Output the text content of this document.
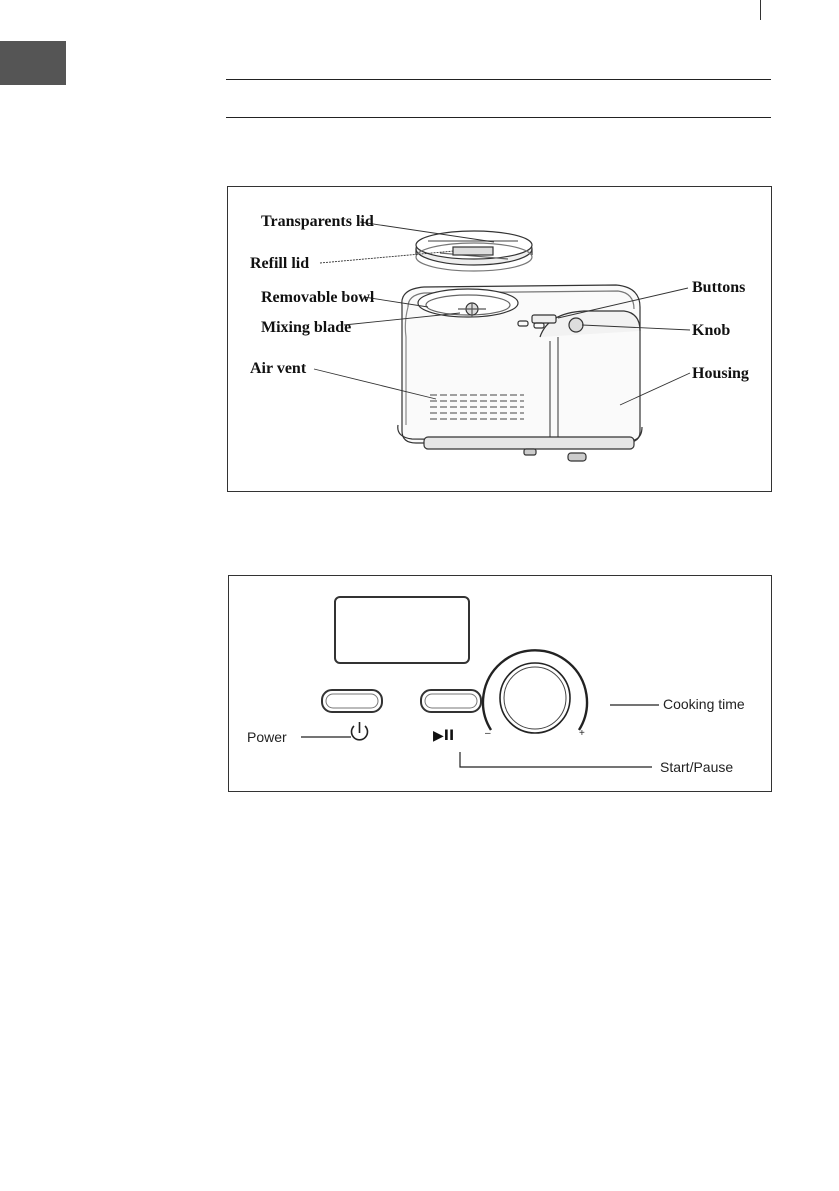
Transparents lid
Refill lid
Removable bowl
Mixing blade
Air vent
Buttons
Knob
Housing
▶II	–	+
Power
Cooking time
Start/Pause
